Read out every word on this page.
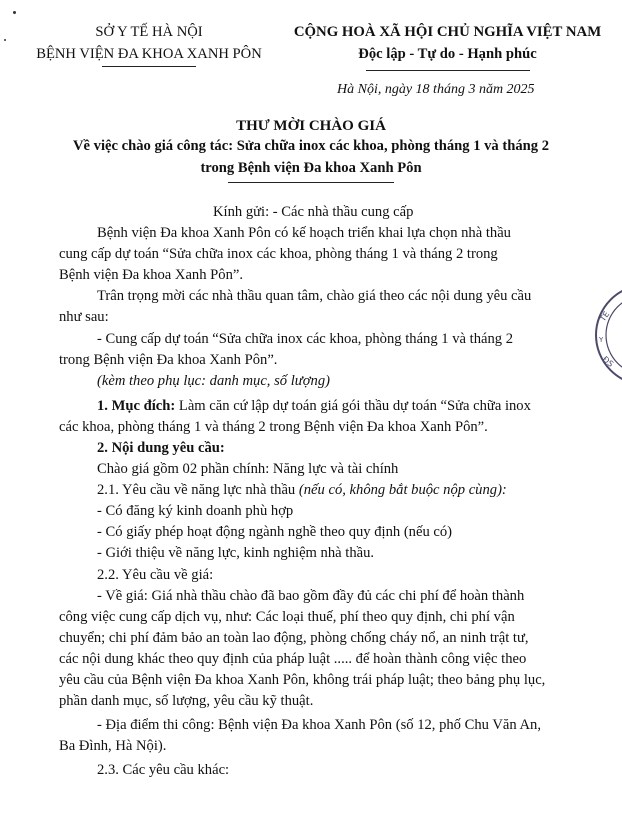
SỞ Y TẾ HÀ NỘI
BỆNH VIỆN ĐA KHOA XANH PÔN
CỘNG HOÀ XÃ HỘI CHỦ NGHĨA VIỆT NAM
Độc lập - Tự do - Hạnh phúc
Hà Nội, ngày 18 tháng 3 năm 2025
THƯ MỜI CHÀO GIÁ
Về việc chào giá công tác: Sửa chữa inox các khoa, phòng tháng 1 và tháng 2
trong Bệnh viện Đa khoa Xanh Pôn
Kính gửi: - Các nhà thầu cung cấp
Bệnh viện Đa khoa Xanh Pôn có kế hoạch triển khai lựa chọn nhà thầu
cung cấp dự toán “Sửa chữa inox các khoa, phòng tháng 1 và tháng 2 trong
Bệnh viện Đa khoa Xanh Pôn”.
Trân trọng mời các nhà thầu quan tâm, chào giá theo các nội dung yêu cầu
như sau:
- Cung cấp dự toán “Sửa chữa inox các khoa, phòng tháng 1 và tháng 2
trong Bệnh viện Đa khoa Xanh Pôn”.
(kèm theo phụ lục: danh mục, số lượng)
1. Mục đích: Làm căn cứ lập dự toán giá gói thầu dự toán “Sửa chữa inox
các khoa, phòng tháng 1 và tháng 2 trong Bệnh viện Đa khoa Xanh Pôn”.
2. Nội dung yêu cầu:
Chào giá gồm 02 phần chính: Năng lực và tài chính
2.1. Yêu cầu về năng lực nhà thầu (nếu có, không bắt buộc nộp cùng):
- Có đăng ký kinh doanh phù hợp
- Có giấy phép hoạt động ngành nghề theo quy định (nếu có)
- Giới thiệu về năng lực, kinh nghiệm nhà thầu.
2.2. Yêu cầu về giá:
- Về giá: Giá nhà thầu chào đã bao gồm đầy đủ các chi phí để hoàn thành
công việc cung cấp dịch vụ, như: Các loại thuế, phí theo quy định, chi phí vận
chuyển; chi phí đảm bảo an toàn lao động, phòng chống cháy nổ, an ninh trật tư,
các nội dung khác theo quy định của pháp luật ..... để hoàn thành công việc theo
yêu cầu của Bệnh viện Đa khoa Xanh Pôn, không trái pháp luật; theo bảng phụ lục,
phần danh mục, số lượng, yêu cầu kỹ thuật.
- Địa điểm thi công: Bệnh viện Đa khoa Xanh Pôn (số 12, phố Chu Văn An,
Ba Đình, Hà Nội).
2.3. Các yêu cầu khác:
TẾ
Y
ĐS
